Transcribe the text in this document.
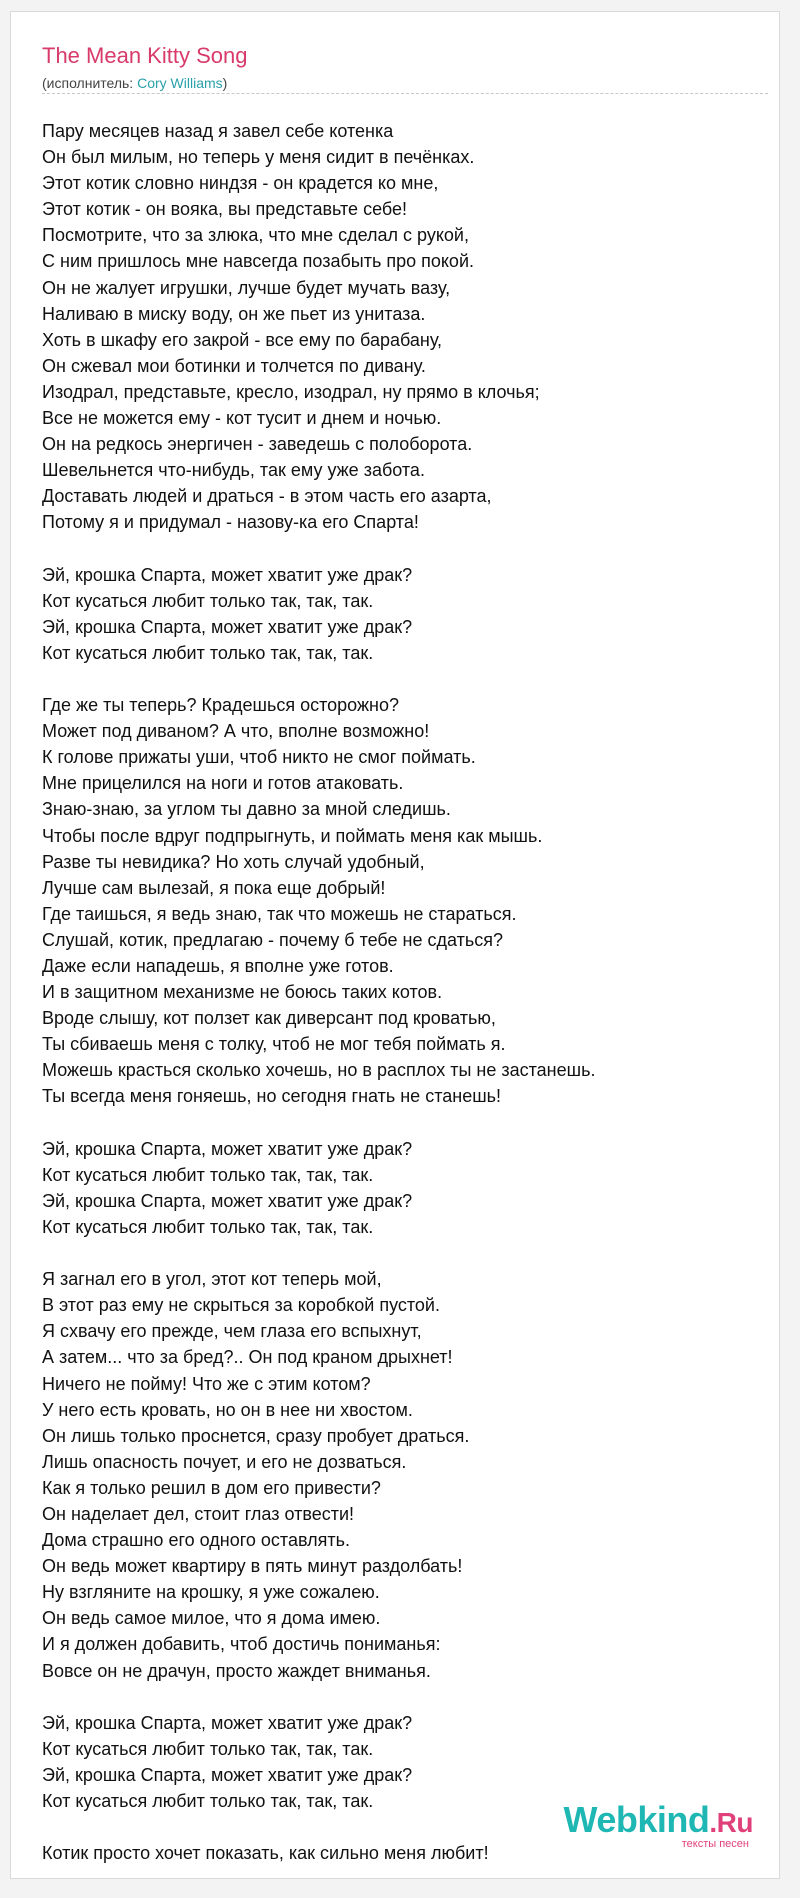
The Mean Kitty Song
(исполнитель: Cory Williams)
Пару месяцев назад я завел себе котенка
Он был милым, но теперь у меня сидит в печёнках.
Этот котик словно ниндзя - он крадется ко мне,
Этот котик - он вояка, вы представьте себе!
Посмотрите, что за злюка, что мне сделал с рукой,
С ним пришлось мне навсегда позабыть про покой.
Он не жалует игрушки, лучше будет мучать вазу,
Наливаю в миску воду, он же пьет из унитаза.
Хоть в шкафу его закрой - все ему по барабану,
Он сжевал мои ботинки и толчется по дивану.
Изодрал, представьте, кресло, изодрал, ну прямо в клочья;
Все не можется ему - кот тусит и днем и ночью.
Он на редкось энергичен - заведешь с полоборота.
Шевельнется что-нибудь, так ему уже забота.
Доставать людей и драться - в этом часть его азарта,
Потому я и придумал - назову-ка его Спарта!
Эй, крошка Спарта, может хватит уже драк?
Кот кусаться любит только так, так, так.
Эй, крошка Спарта, может хватит уже драк?
Кот кусаться любит только так, так, так.
Где же ты теперь? Крадешься осторожно?
Может под диваном? А что, вполне возможно!
К голове прижаты уши, чтоб никто не смог поймать.
Мне прицелился на ноги и готов атаковать.
Знаю-знаю, за углом ты давно за мной следишь.
Чтобы после вдруг подпрыгнуть, и поймать меня как мышь.
Разве ты невидика? Но хоть случай удобный,
Лучше сам вылезай, я пока еще добрый!
Где таишься, я ведь знаю, так что можешь не стараться.
Слушай, котик, предлагаю - почему б тебе не сдаться?
Даже если нападешь, я вполне уже готов.
И в защитном механизме не боюсь таких котов.
Вроде слышу, кот ползет как диверсант под кроватью,
Ты сбиваешь меня с толку, чтоб не мог тебя поймать я.
Можешь красться сколько хочешь, но в расплох ты не застанешь.
Ты всегда меня гоняешь, но сегодня гнать не станешь!
Эй, крошка Спарта, может хватит уже драк?
Кот кусаться любит только так, так, так.
Эй, крошка Спарта, может хватит уже драк?
Кот кусаться любит только так, так, так.
Я загнал его в угол, этот кот теперь мой,
В этот раз ему не скрыться за коробкой пустой.
Я схвачу его прежде, чем глаза его вспыхнут,
А затем... что за бред?.. Он под краном дрыхнет!
Ничего не пойму! Что же с этим котом?
У него есть кровать, но он в нее ни хвостом.
Он лишь только проснется, сразу пробует драться.
Лишь опасность почует, и его не дозваться.
Как я только решил в дом его привести?
Он наделает дел, стоит глаз отвести!
Дома страшно его одного оставлять.
Он ведь может квартиру в пять минут раздолбать!
Ну взгляните на крошку, я уже сожалею.
Он ведь самое милое, что я дома имею.
И я должен добавить, чтоб достичь пониманья:
Вовсе он не драчун, просто жаждет вниманья.
Эй, крошка Спарта, может хватит уже драк?
Кот кусаться любит только так, так, так.
Эй, крошка Спарта, может хватит уже драк?
Кот кусаться любит только так, так, так.
Котик просто хочет показать, как сильно меня любит!
Webkind.Ru
тексты песен
